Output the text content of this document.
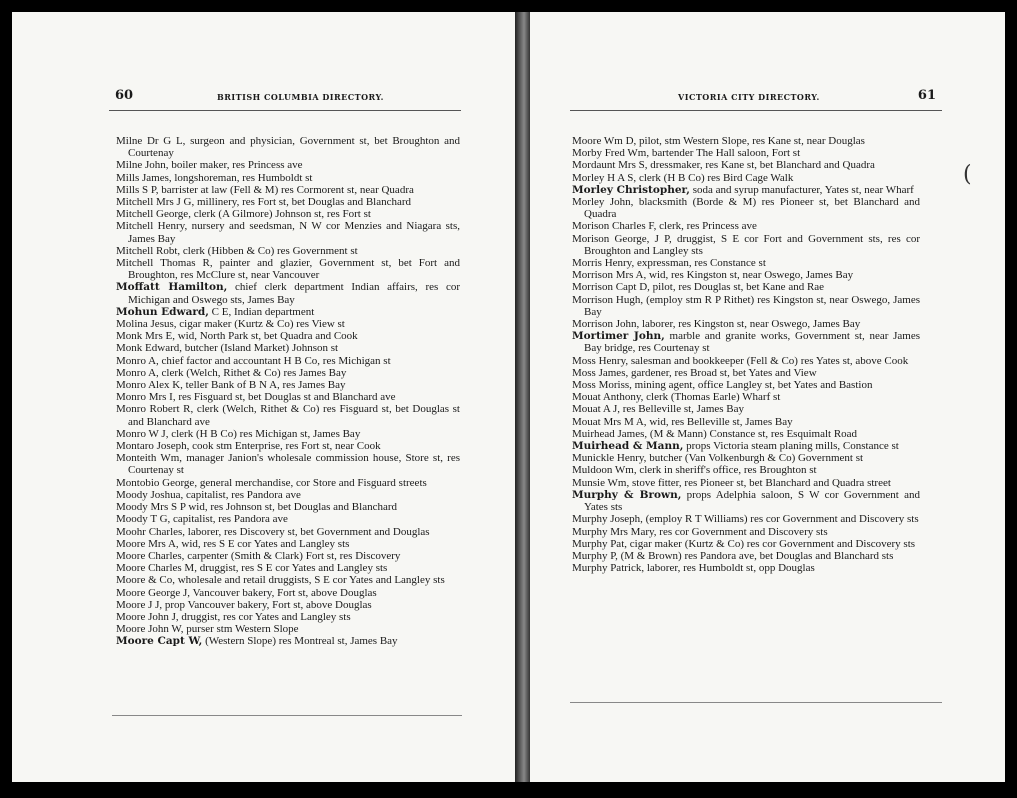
60	BRITISH COLUMBIA DIRECTORY.
Milne Dr G L, surgeon and physician, Government st, bet Broughton and Courtenay
Milne John, boiler maker, res Princess ave
Mills James, longshoreman, res Humboldt st
Mills S P, barrister at law (Fell & M) res Cormorent st, near Quadra
Mitchell Mrs J G, millinery, res Fort st, bet Douglas and Blanchard
Mitchell George, clerk (A Gilmore) Johnson st, res Fort st
Mitchell Henry, nursery and seedsman, N W cor Menzies and Niagara sts, James Bay
Mitchell Robt, clerk (Hibben & Co) res Government st
Mitchell Thomas R, painter and glazier, Government st, bet Fort and Broughton, res McClure st, near Vancouver
Moffatt Hamilton, chief clerk department Indian affairs, res cor Michigan and Oswego sts, James Bay
Mohun Edward, C E, Indian department
Molina Jesus, cigar maker (Kurtz & Co) res View st
Monk Mrs E, wid, North Park st, bet Quadra and Cook
Monk Edward, butcher (Island Market) Johnson st
Monro A, chief factor and accountant H B Co, res Michigan st
Monro A, clerk (Welch, Rithet & Co) res James Bay
Monro Alex K, teller Bank of B N A, res James Bay
Monro Mrs I, res Fisguard st, bet Douglas st and Blanchard ave
Monro Robert R, clerk (Welch, Rithet & Co) res Fisguard st, bet Douglas st and Blanchard ave
Monro W J, clerk (H B Co) res Michigan st, James Bay
Montaro Joseph, cook stm Enterprise, res Fort st, near Cook
Monteith Wm, manager Janion's wholesale commission house, Store st, res Courtenay st
Montobio George, general merchandise, cor Store and Fisguard streets
Moody Joshua, capitalist, res Pandora ave
Moody Mrs S P wid, res Johnson st, bet Douglas and Blanchard
Moody T G, capitalist, res Pandora ave
Moohr Charles, laborer, res Discovery st, bet Government and Douglas
Moore Mrs A, wid, res S E cor Yates and Langley sts
Moore Charles, carpenter (Smith & Clark) Fort st, res Discovery
Moore Charles M, druggist, res S E cor Yates and Langley sts
Moore & Co, wholesale and retail druggists, S E cor Yates and Langley sts
Moore George J, Vancouver bakery, Fort st, above Douglas
Moore J J, prop Vancouver bakery, Fort st, above Douglas
Moore John J, druggist, res cor Yates and Langley sts
Moore John W, purser stm Western Slope
Moore Capt W, (Western Slope) res Montreal st, James Bay
VICTORIA CITY DIRECTORY.	61
Moore Wm D, pilot, stm Western Slope, res Kane st, near Douglas
Morby Fred Wm, bartender The Hall saloon, Fort st
Mordaunt Mrs S, dressmaker, res Kane st, bet Blanchard and Quadra
Morley H A S, clerk (H B Co) res Bird Cage Walk
Morley Christopher, soda and syrup manufacturer, Yates st, near Wharf
Morley John, blacksmith (Borde & M) res Pioneer st, bet Blanchard and Quadra
Morison Charles F, clerk, res Princess ave
Morison George, J P, druggist, S E cor Fort and Government sts, res cor Broughton and Langley sts
Morris Henry, expressman, res Constance st
Morrison Mrs A, wid, res Kingston st, near Oswego, James Bay
Morrison Capt D, pilot, res Douglas st, bet Kane and Rae
Morrison Hugh, (employ stm R P Rithet) res Kingston st, near Oswego, James Bay
Morrison John, laborer, res Kingston st, near Oswego, James Bay
Mortimer John, marble and granite works, Government st, near James Bay bridge, res Courtenay st
Moss Henry, salesman and bookkeeper (Fell & Co) res Yates st, above Cook
Moss James, gardener, res Broad st, bet Yates and View
Moss Moriss, mining agent, office Langley st, bet Yates and Bastion
Mouat Anthony, clerk (Thomas Earle) Wharf st
Mouat A J, res Belleville st, James Bay
Mouat Mrs M A, wid, res Belleville st, James Bay
Muirhead James, (M & Mann) Constance st, res Esquimalt Road
Muirhead & Mann, props Victoria steam planing mills, Constance st
Munickle Henry, butcher (Van Volkenburgh & Co) Government st
Muldoon Wm, clerk in sheriff's office, res Broughton st
Munsie Wm, stove fitter, res Pioneer st, bet Blanchard and Quadra street
Murphy & Brown, props Adelphia saloon, S W cor Government and Yates sts
Murphy Joseph, (employ R T Williams) res cor Government and Discovery sts
Murphy Mrs Mary, res cor Government and Discovery sts
Murphy Pat, cigar maker (Kurtz & Co) res cor Government and Discovery sts
Murphy P, (M & Brown) res Pandora ave, bet Douglas and Blanchard sts
Murphy Patrick, laborer, res Humboldt st, opp Douglas
(
